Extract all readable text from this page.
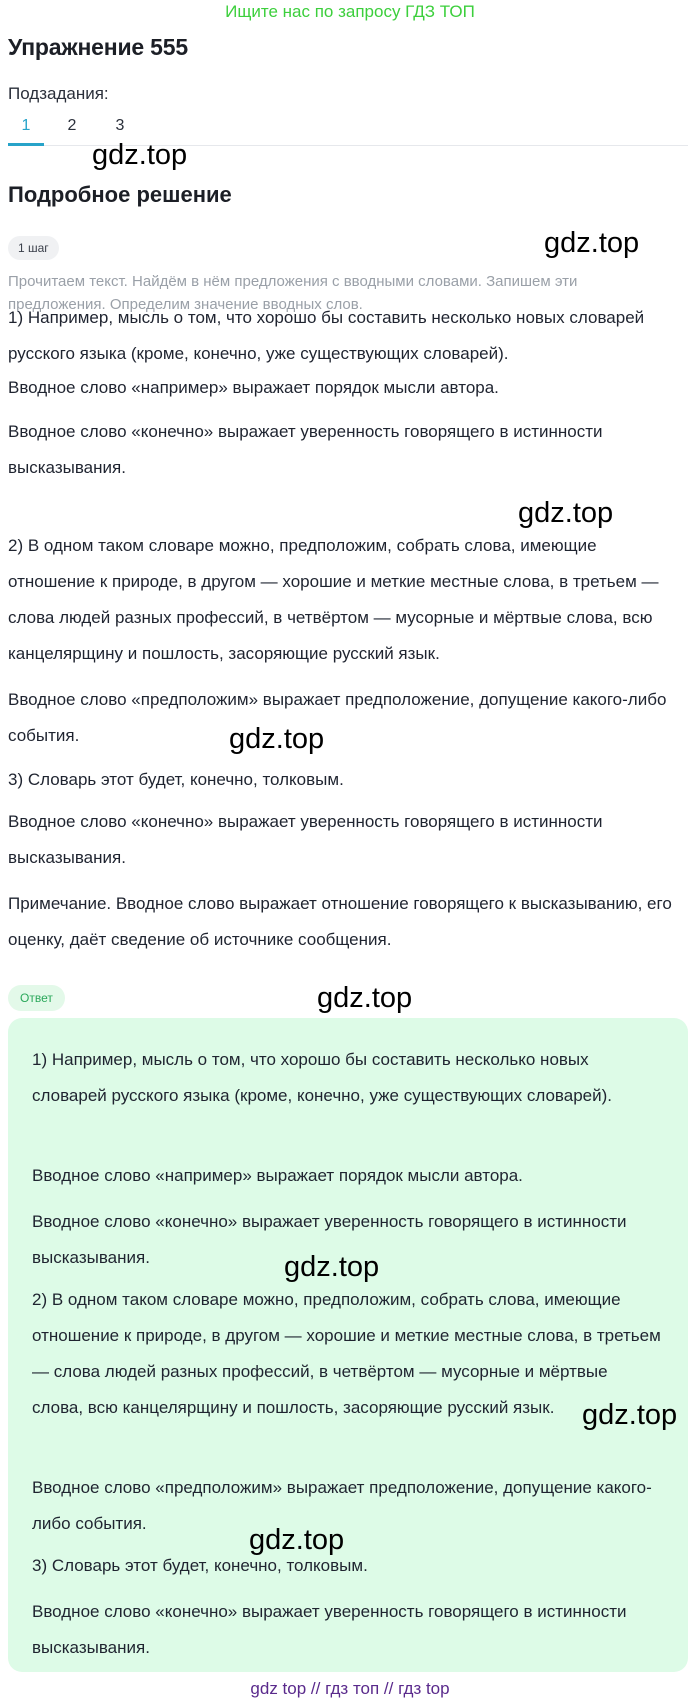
Ищите нас по запросу ГДЗ ТОП
Упражнение 555
Подзадания:
1	2	3
Подробное решение
1 шаг
Прочитаем текст. Найдём в нём предложения с вводными словами. Запишем эти предложения. Определим значение вводных слов.

1) Например, мысль о том, что хорошо бы составить несколько новых словарей русского языка (кроме, конечно, уже существующих словарей).

Вводное слово «например» выражает порядок мысли автора.

Вводное слово «конечно» выражает уверенность говорящего в истинности высказывания.

2) В одном таком словаре можно, предположим, собрать слова, имеющие отношение к природе, в другом — хорошие и меткие местные слова, в третьем — слова людей разных профессий, в четвёртом — мусорные и мёртвые слова, всю канцелярщину и пошлость, засоряющие русский язык.

Вводное слово «предположим» выражает предположение, допущение какого-либо события.

3) Словарь этот будет, конечно, толковым.

Вводное слово «конечно» выражает уверенность говорящего в истинности высказывания.

Примечание. Вводное слово выражает отношение говорящего к высказыванию, его оценку, даёт сведение об источнике сообщения.

Ответ

1) Например, мысль о том, что хорошо бы составить несколько новых словарей русского языка (кроме, конечно, уже существующих словарей).

Вводное слово «например» выражает порядок мысли автора.

Вводное слово «конечно» выражает уверенность говорящего в истинности высказывания.

2) В одном таком словаре можно, предположим, собрать слова, имеющие отношение к природе, в другом — хорошие и меткие местные слова, в третьем — слова людей разных профессий, в четвёртом — мусорные и мёртвые слова, всю канцелярщину и пошлость, засоряющие русский язык.

Вводное слово «предположим» выражает предположение, допущение какого-либо события.

3) Словарь этот будет, конечно, толковым.

Вводное слово «конечно» выражает уверенность говорящего в истинности высказывания.

gdz.top
gdz.top
gdz.top
gdz.top
gdz.top
gdz.top
gdz.top
gdz.top
gdz top // гдз топ // гдз top
